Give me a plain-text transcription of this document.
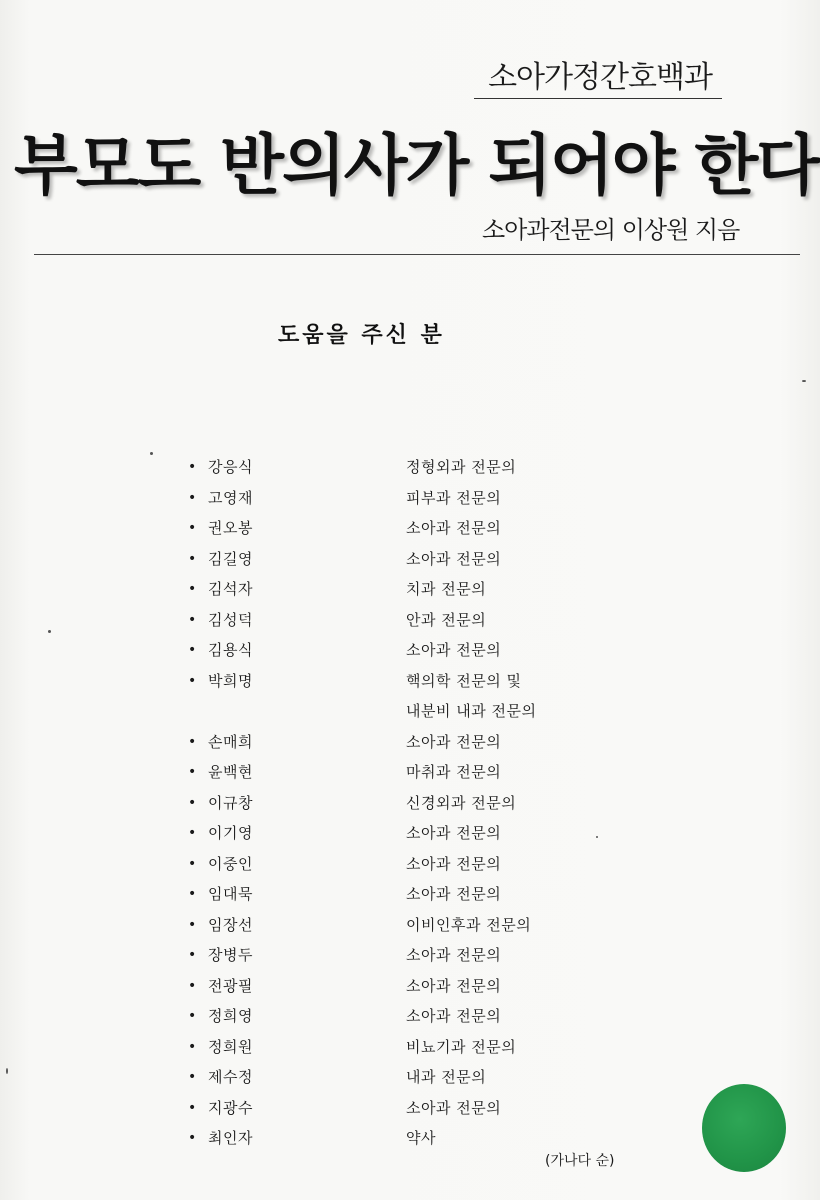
소아가정간호백과
부모도 반의사가 되어야 한다
소아과전문의 이상원 지음
도움을 주신 분
• 강응식	정형외과 전문의
• 고영재	피부과 전문의
• 권오봉	소아과 전문의
• 김길영	소아과 전문의
• 김석자	치과 전문의
• 김성덕	안과 전문의
• 김용식	소아과 전문의
• 박희명	핵의학 전문의 및
내분비 내과 전문의
• 손매희	소아과 전문의
• 윤백현	마취과 전문의
• 이규창	신경외과 전문의
• 이기영	소아과 전문의
• 이중인	소아과 전문의
• 임대묵	소아과 전문의
• 임장선	이비인후과 전문의
• 장병두	소아과 전문의
• 전광필	소아과 전문의
• 정희영	소아과 전문의
• 정희원	비뇨기과 전문의
• 제수정	내과 전문의
• 지광수	소아과 전문의
• 최인자	약사
(가나다 순)
